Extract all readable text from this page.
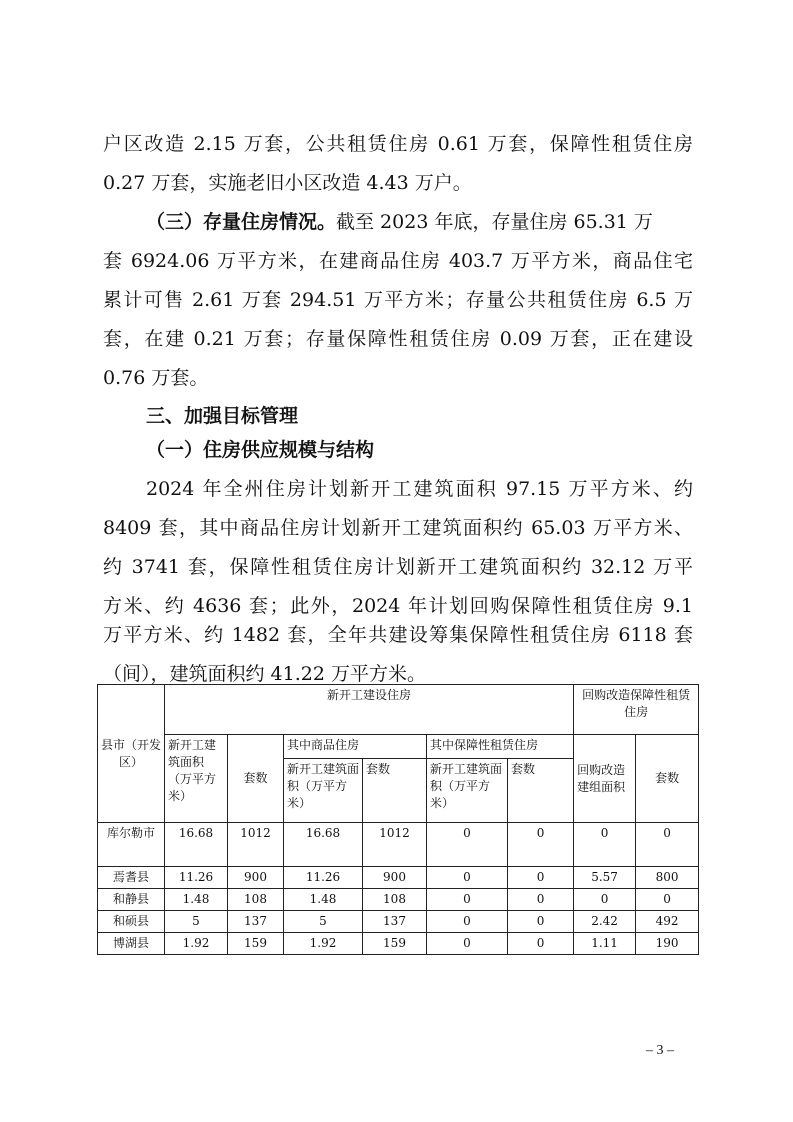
户区改造 2.15 万套，公共租赁住房 0.61 万套，保障性租赁住房
0.27 万套，实施老旧小区改造 4.43 万户。
（三）存量住房情况。截至 2023 年底，存量住房 65.31 万
套 6924.06 万平方米，在建商品住房 403.7 万平方米，商品住宅
累计可售 2.61 万套 294.51 万平方米；存量公共租赁住房 6.5 万
套，在建 0.21 万套；存量保障性租赁住房 0.09 万套，正在建设
0.76 万套。
三、加强目标管理
（一）住房供应规模与结构
2024 年全州住房计划新开工建筑面积 97.15 万平方米、约
8409 套，其中商品住房计划新开工建筑面积约 65.03 万平方米、
约 3741 套，保障性租赁住房计划新开工建筑面积约 32.12 万平
方米、约 4636 套；此外，2024 年计划回购保障性租赁住房 9.1
万平方米、约 1482 套，全年共建设筹集保障性租赁住房 6118 套
（间），建筑面积约 41.22 万平方米。
县市（开发区）	新开工建设住房						回购改造保障性租赁住房	
	新开工建筑面积（万平方米）	套数	其中商品住房		其中保障性租赁住房		回购改造建组面积	套数
			新开工建筑面积（万平方米）	套数	新开工建筑面积（万平方米）	套数		
库尔勒市	16.68	1012	16.68	1012	0	0	0	0
焉耆县	11.26	900	11.26	900	0	0	5.57	800
和静县	1.48	108	1.48	108	0	0	0	0
和硕县	5	137	5	137	0	0	2.42	492
博湖县	1.92	159	1.92	159	0	0	1.11	190
– 3 –
